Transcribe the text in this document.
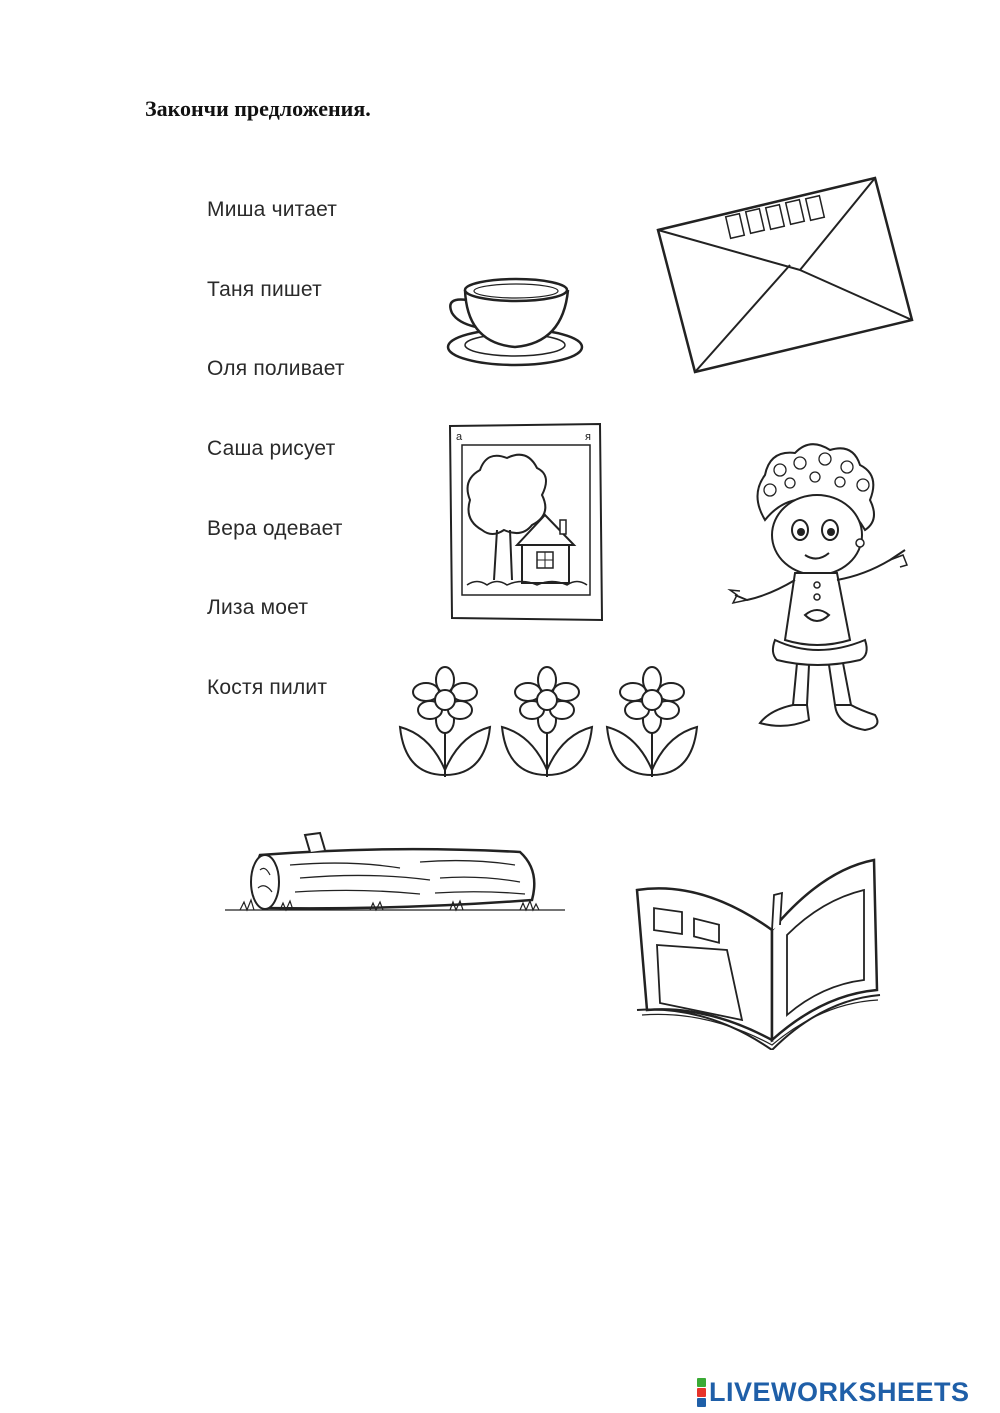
Закончи предложения.
Миша читает
Таня пишет
Оля поливает
Саша рисует
Вера одевает
Лиза моет
Костя пилит
a	я
LIVEWORKSHEETS
